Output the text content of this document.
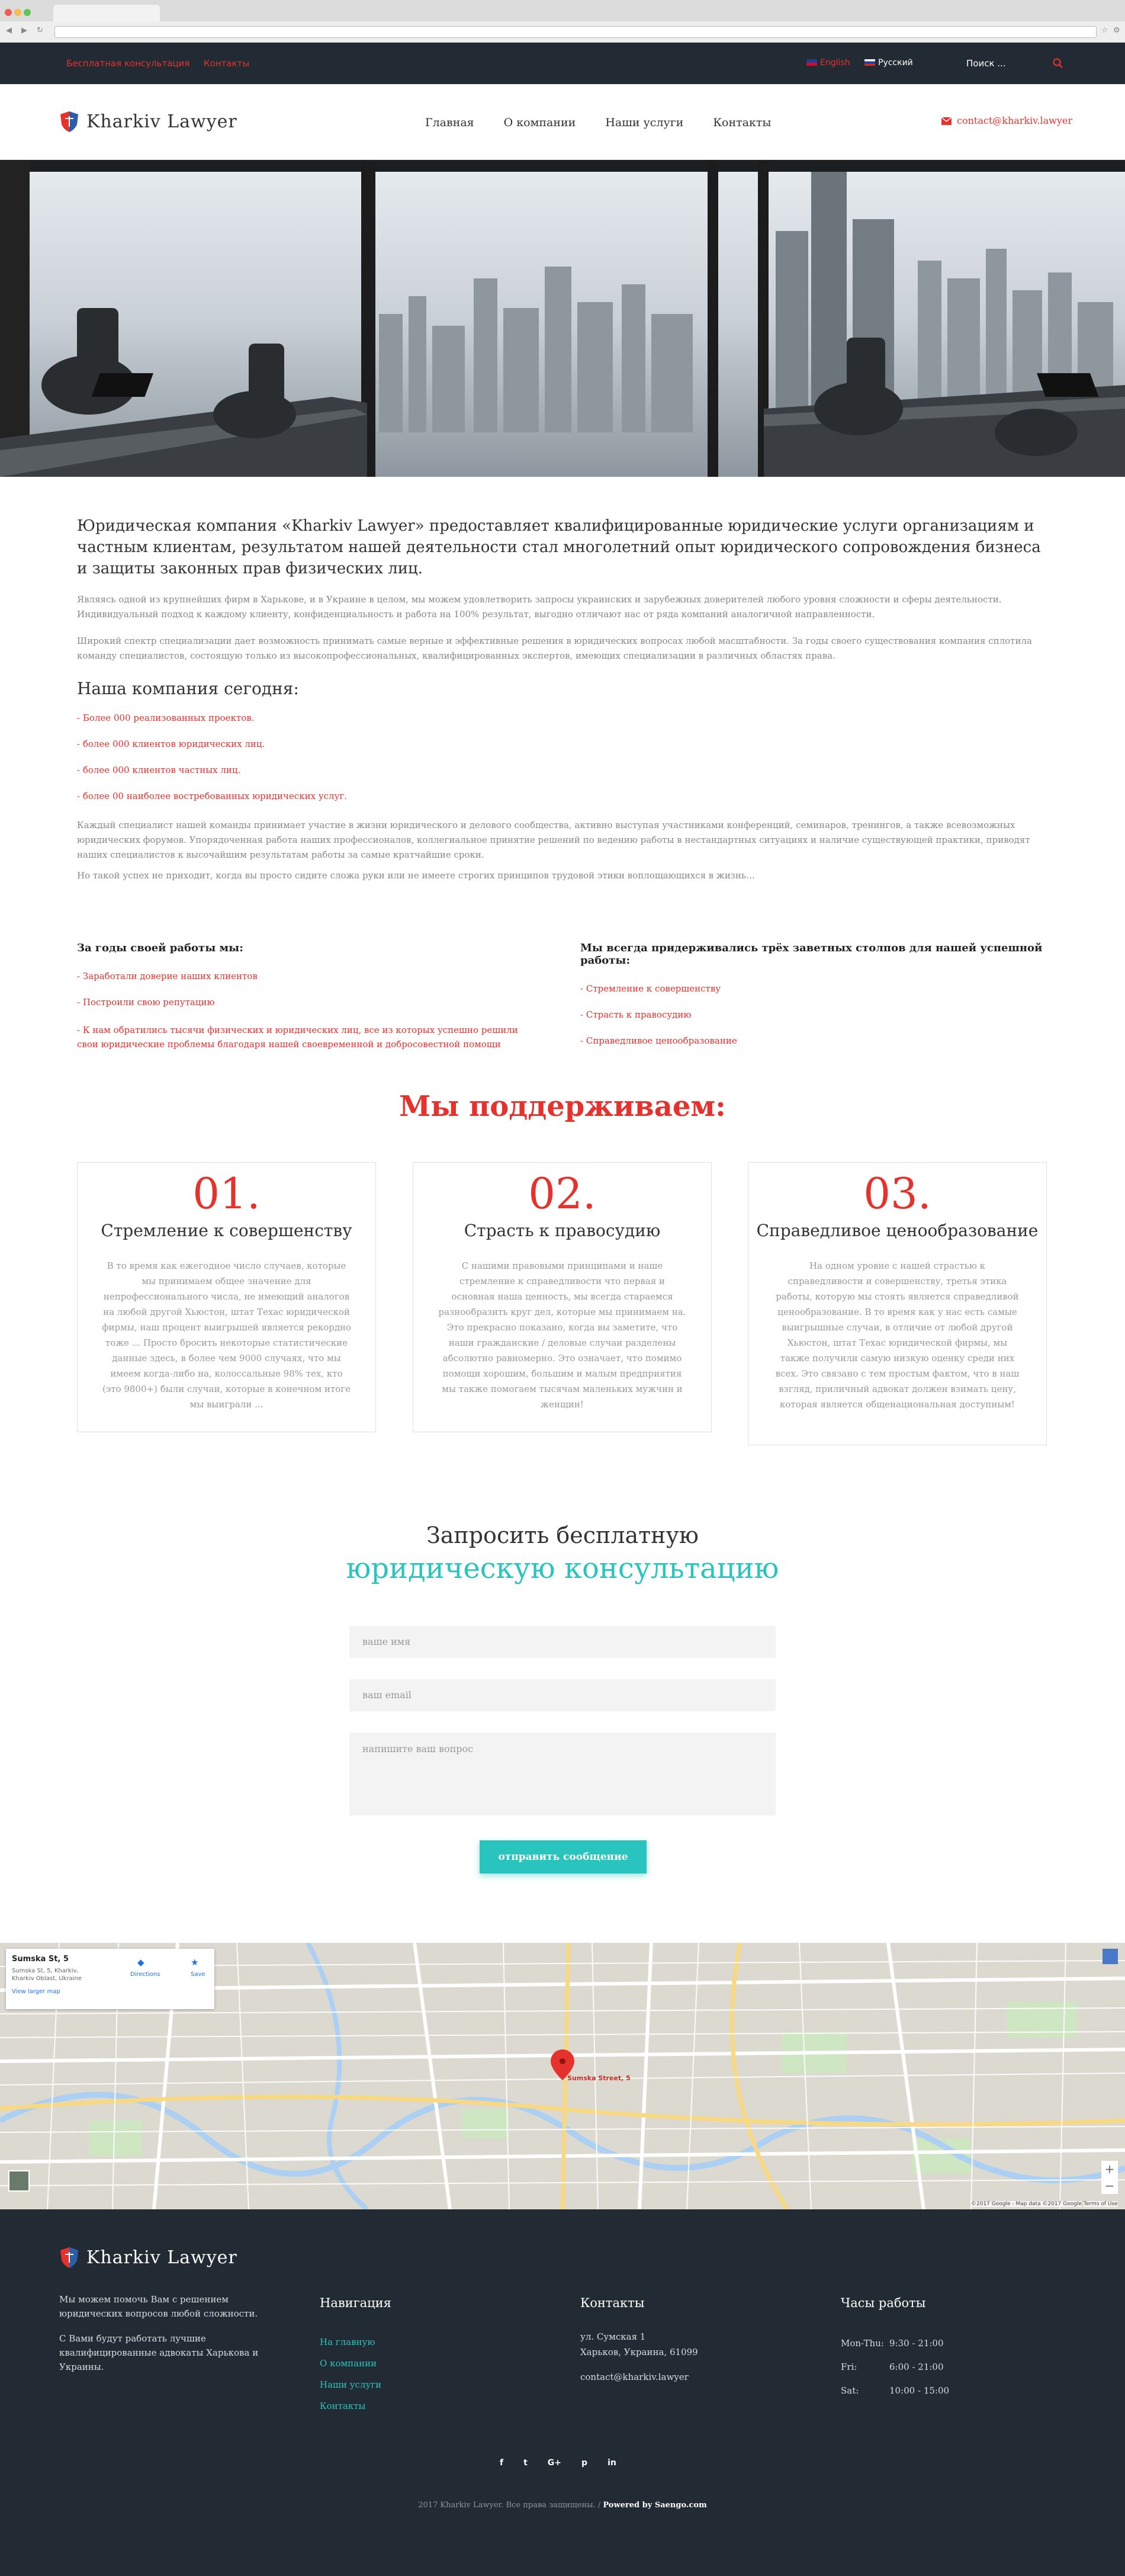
◀	▶	↻	☆ ⚙
Бесплатная консультация Контакты	English	Русский	Поиск ...
Kharkiv Lawyer	Главная	О компании	Наши услуги	Контакты	contact@kharkiv.lawyer

Юридическая компания «Kharkiv Lawyer» предоставляет квалифицированные юридические услуги организациям и частным клиентам, результатом нашей деятельности стал многолетний опыт юридического сопровождения бизнеса и защиты законных прав физических лиц.

Являясь одной из крупнейших фирм в Харькове, и в Украине в целом, мы можем удовлетворить запросы украинских и зарубежных доверителей любого уровня сложности и сферы деятельности. Индивидуальный подход к каждому клиенту, конфиденциальность и работа на 100% результат, выгодно отличают нас от ряда компаний аналогичной направленности.

Широкий спектр специализации дает возможность принимать самые верные и эффективные решения в юридических вопросах любой масштабности. За годы своего существования компания сплотила команду специалистов, состоящую только из высокопрофессиональных, квалифицированных экспертов, имеющих специализации в различных областях права.

Наша компания сегодня:

- Более 000 реализованных проектов.
- более 000 клиентов юридических лиц.
- более 000 клиентов частных лиц.
- более 00 наиболее востребованных юридических услуг.

Каждый специалист нашей команды принимает участие в жизни юридического и делового сообщества, активно выступая участниками конференций, семинаров, тренингов, а также всевозможных юридических форумов. Упорядоченная работа наших профессионалов, коллегиальное принятие решений по ведению работы в нестандартных ситуациях и наличие существующей практики, приводят наших специалистов к высочайшим результатам работы за самые кратчайшие сроки.

Но такой успех не приходит, когда вы просто сидите сложа руки или не имеете строгих принципов трудовой этики воплощающихся в жизнь…

За годы своей работы мы:

- Заработали доверие наших клиентов
- Построили свою репутацию
- К нам обратились тысячи физических и юридических лиц, все из которых успешно решили свои юридические проблемы благодаря нашей своевременной и добросовестной помощи

Мы всегда придерживались трёх заветных столпов для нашей успешной работы:

- Стремление к совершенству
- Страсть к правосудию
- Справедливое ценообразование

Мы поддерживаем:

01.
Стремление к совершенству
В то время как ежегодное число случаев, которые мы принимаем общее значение для непрофессионального числа, не имеющий аналогов на любой другой Хьюстон, штат Техас юридической фирмы, наш процент выигрышей является рекордно тоже ... Просто бросить некоторые статистические данные здесь, в более чем 9000 случаях, что мы имеем когда-либо на, колоссальные 98% тех, кто (это 9800+) были случаи, которые в конечном итоге мы выиграли ...
02.
Страсть к правосудию
С нашими правовыми принципами и наше стремление к справедливости что первая и основная наша ценность, мы всегда стараемся разнообразить круг дел, которые мы принимаем на. Это прекрасно показано, когда вы заметите, что наши гражданские / деловые случаи разделены абсолютно равномерно. Это означает, что помимо помощи хорошим, большим и малым предприятия мы также помогаем тысячам маленьких мужчин и женщин!
03.
Справедливое ценообразование
На одном уровне с нашей страстью к справедливости и совершенству, третья этика работы, которую мы стоять является справедливой ценообразование. В то время как у нас есть самые выигрышные случаи, в отличие от любой другой Хьюстон, штат Техас юридической фирмы, мы также получили самую низкую оценку среди них всех. Это связано с тем простым фактом, что в наш взгляд, приличный адвокат должен взимать цену, которая является общенациональная доступным!

Запросить бесплатную

юридическую консультацию

ваше имя
ваш email
напишите ваш вопрос
отправить сообщение
Sumska Street, 5
Sumska St, 5
Sumska St, 5, Kharkiv, Kharkiv Oblast, Ukraine
View larger map
◆
Directions
★
Save
+
−
©2017 Google - Map data ©2017 Google Terms of Use
Kharkiv Lawyer

Мы можем помочь Вам с решением юридических вопросов любой сложности.

С Вами будут работать лучшие квалифицированные адвокаты Харькова и Украины.

Навигация

На главную
О компании
Наши услуги
Контакты

Контакты

ул. Сумская 1

Харьков, Украина, 61099

contact@kharkiv.lawyer

Часы работы

Mon-Thu: 9:30 - 21:00
Fri:	6:00 - 21:00
Sat:	10:00 - 15:00
f t G+ p in
2017 Kharkiv Lawyer. Все права защищены. / Powered by Saengo.com
